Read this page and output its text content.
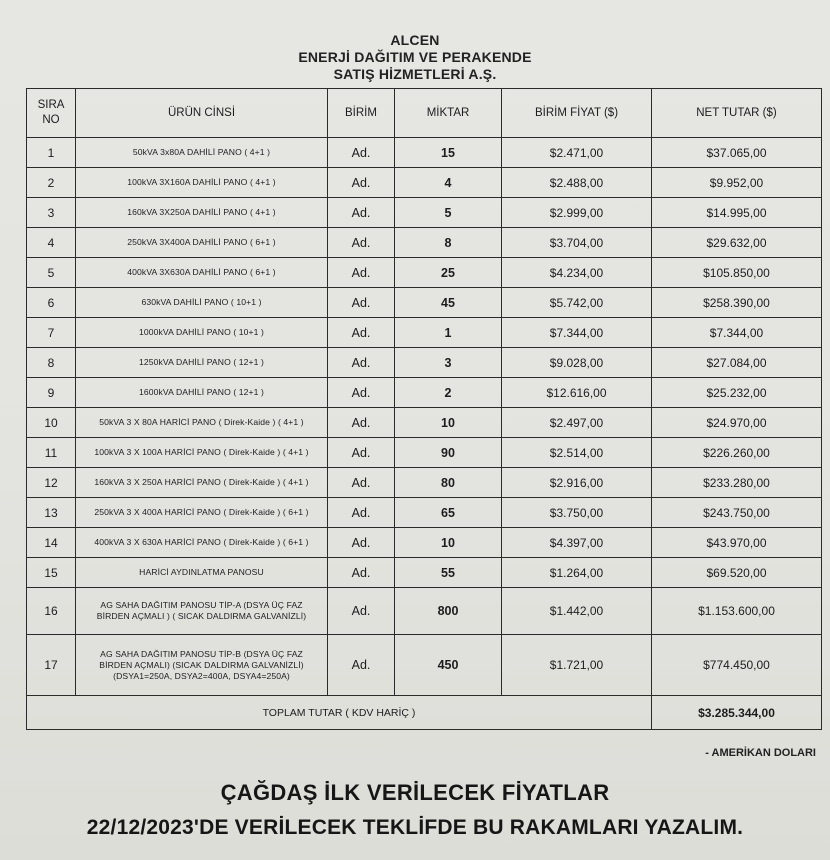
ALCEN
ENERJİ DAĞITIM VE PERAKENDE
SATIŞ HİZMETLERİ A.Ş.
SIRA
NO	ÜRÜN CİNSİ	BİRİM	MİKTAR	BİRİM FİYAT ($)	NET TUTAR ($)
1	50kVA 3x80A DAHİLİ PANO ( 4+1 )	Ad.	15	$2.471,00	$37.065,00
2	100kVA 3X160A DAHİLİ PANO ( 4+1 )	Ad.	4	$2.488,00	$9.952,00
3	160kVA 3X250A DAHİLİ PANO ( 4+1 )	Ad.	5	$2.999,00	$14.995,00
4	250kVA 3X400A DAHİLİ PANO ( 6+1 )	Ad.	8	$3.704,00	$29.632,00
5	400kVA 3X630A DAHİLİ PANO ( 6+1 )	Ad.	25	$4.234,00	$105.850,00
6	630kVA DAHİLİ PANO ( 10+1 )	Ad.	45	$5.742,00	$258.390,00
7	1000kVA DAHİLİ PANO ( 10+1 )	Ad.	1	$7.344,00	$7.344,00
8	1250kVA DAHİLİ PANO ( 12+1 )	Ad.	3	$9.028,00	$27.084,00
9	1600kVA DAHİLİ PANO ( 12+1 )	Ad.	2	$12.616,00	$25.232,00
10	50kVA 3 X 80A HARİCİ PANO ( Direk-Kaide ) ( 4+1 )	Ad.	10	$2.497,00	$24.970,00
11	100kVA 3 X 100A HARİCİ PANO ( Direk-Kaide ) ( 4+1 )	Ad.	90	$2.514,00	$226.260,00
12	160kVA 3 X 250A HARİCİ PANO ( Direk-Kaide ) ( 4+1 )	Ad.	80	$2.916,00	$233.280,00
13	250kVA 3 X 400A HARİCİ PANO ( Direk-Kaide ) ( 6+1 )	Ad.	65	$3.750,00	$243.750,00
14	400kVA 3 X 630A HARİCİ PANO ( Direk-Kaide ) ( 6+1 )	Ad.	10	$4.397,00	$43.970,00
15	HARİCİ AYDINLATMA PANOSU	Ad.	55	$1.264,00	$69.520,00
16	AG SAHA DAĞITIM PANOSU TİP-A (DSYA ÜÇ FAZ
BİRDEN AÇMALI ) ( SICAK DALDIRMA GALVANİZLİ)	Ad.	800	$1.442,00	$1.153.600,00
17	AG SAHA DAĞITIM PANOSU TİP-B (DSYA ÜÇ FAZ
BİRDEN AÇMALI) (SICAK DALDIRMA GALVANİZLİ)
(DSYA1=250A, DSYA2=400A, DSYA4=250A)	Ad.	450	$1.721,00	$774.450,00
TOPLAM TUTAR ( KDV HARİÇ )					$3.285.344,00
- AMERİKAN DOLARI
ÇAĞDAŞ İLK VERİLECEK FİYATLAR
22/12/2023'DE VERİLECEK TEKLİFDE BU RAKAMLARI YAZALIM.
